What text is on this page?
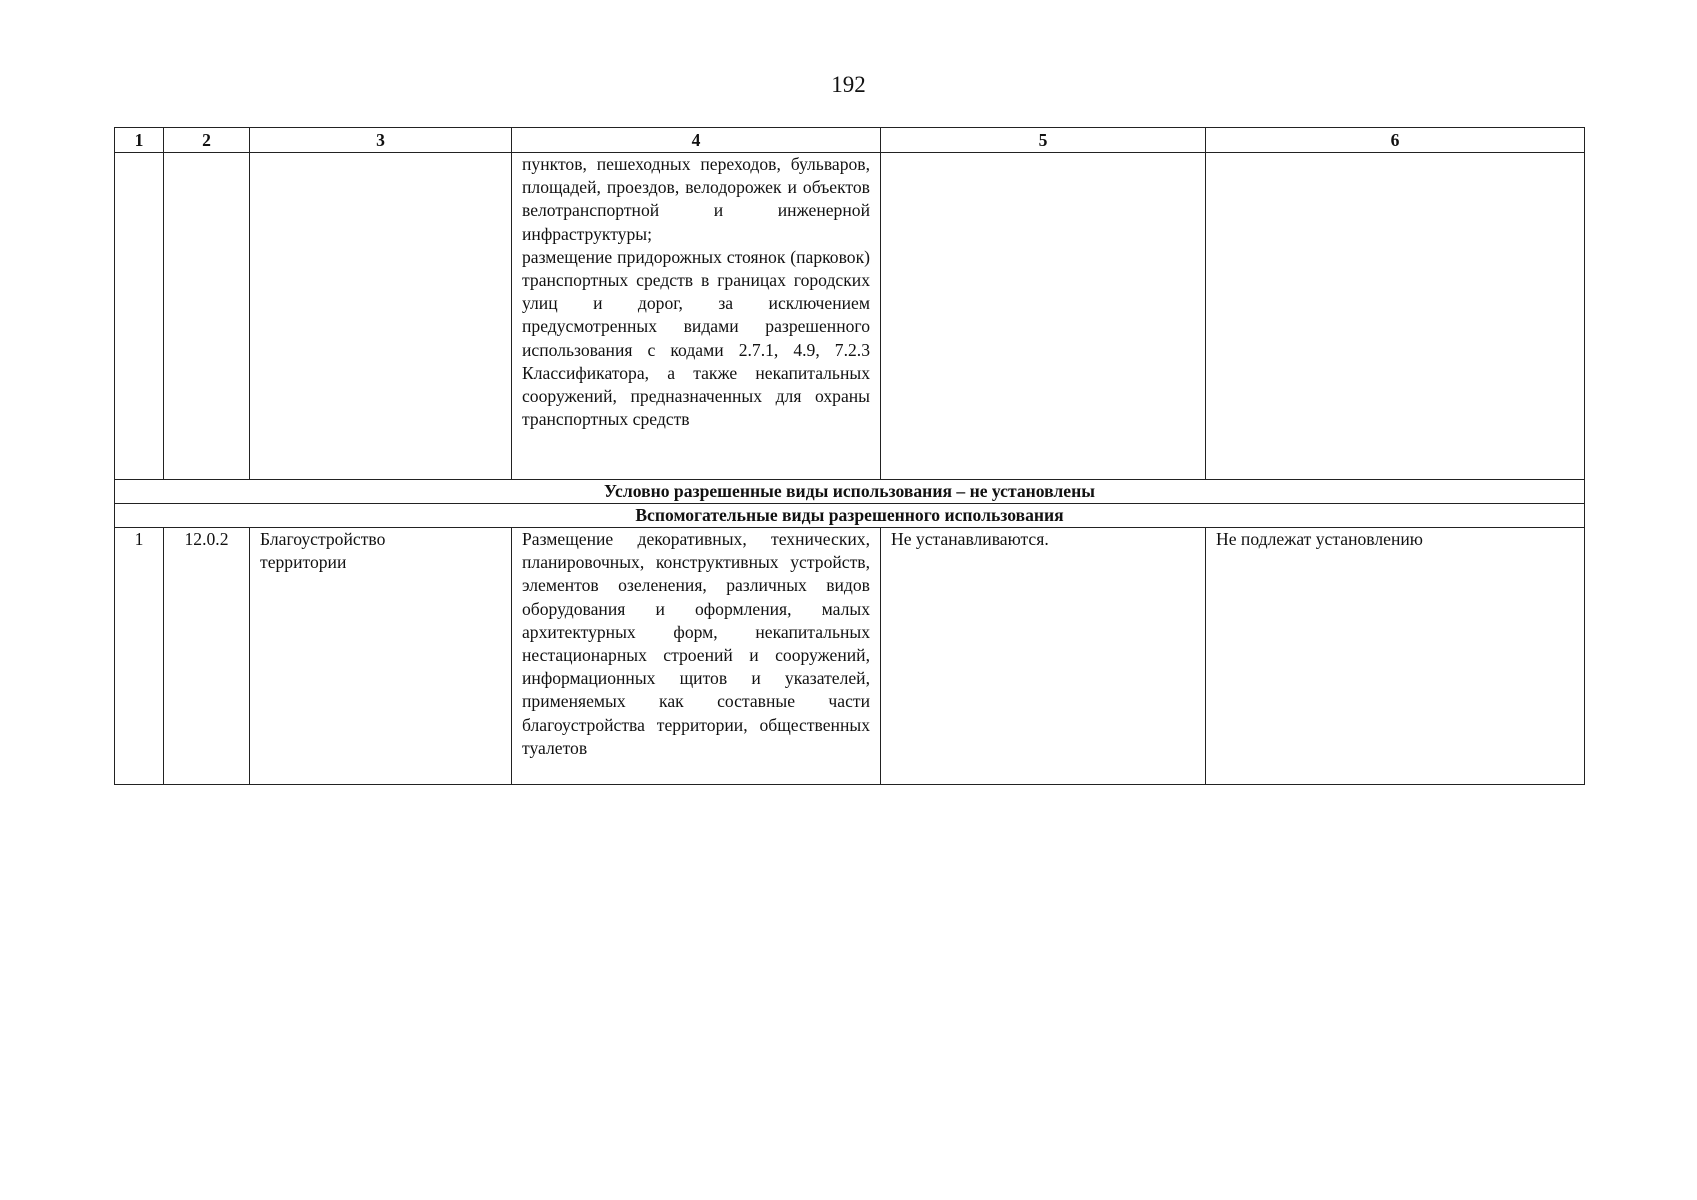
192
1	2	3	4	5	6

			пунктов, пешеходных переходов, бульваров, площадей, проездов, велодорожек и объектов велотранспортной и инженерной инфраструктуры;
размещение придорожных стоянок (парковок) транспортных средств в границах городских улиц и дорог, за исключением предусмотренных видами разрешенного использования с кодами 2.7.1, 4.9, 7.2.3 Классификатора, а также некапитальных сооружений, предназначенных для охраны транспортных средств		

Условно разрешенные виды использования – не установлены					
Вспомогательные виды разрешенного использования					
1	12.0.2	Благоустройство территории	Размещение декоративных, технических, планировочных, конструктивных устройств, элементов озеленения, различных видов оборудования и оформления, малых архитектурных форм, некапитальных нестационарных строений и сооружений, информационных щитов и указателей, применяемых как составные части благоустройства территории, общественных туалетов	Не устанавливаются.	Не подлежат установлению
